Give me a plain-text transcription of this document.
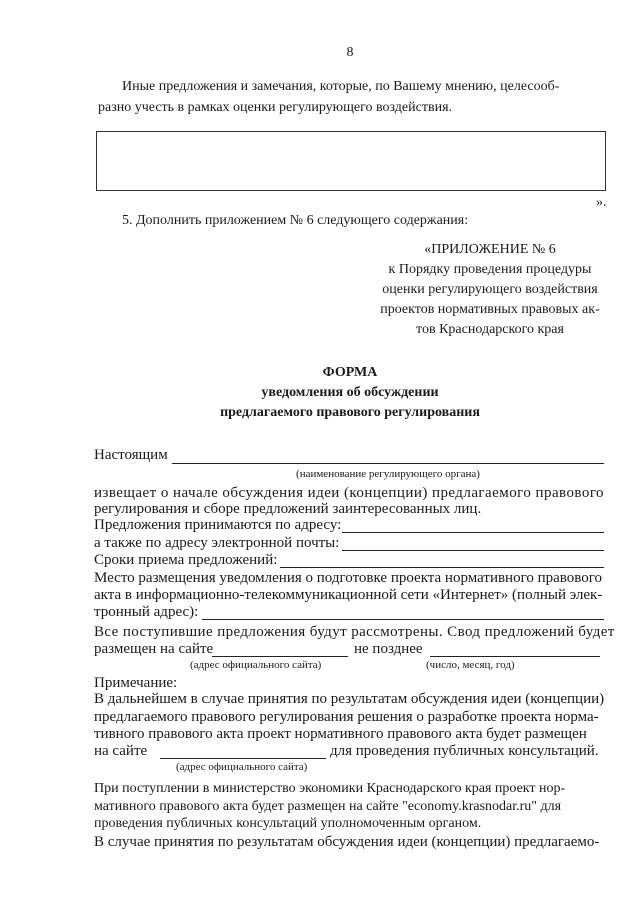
8
Иные предложения и замечания, которые, по Вашему мнению, целесооб-
разно учесть в рамках оценки регулирующего воздействия.
».
5. Дополнить приложением № 6 следующего содержания:
«ПРИЛОЖЕНИЕ № 6
к Порядку проведения процедуры
оценки регулирующего воздействия
проектов нормативных правовых ак-
тов Краснодарского края
ФОРМА
уведомления об обсуждении
предлагаемого правового регулирования
Настоящим
(наименование регулирующего органа)
извещает о начале обсуждения идеи (концепции) предлагаемого правового
регулирования и сборе предложений заинтересованных лиц.
Предложения принимаются по адресу:
а также по адресу электронной почты:
Сроки приема предложений:
Место размещения уведомления о подготовке проекта нормативного правового
акта в информационно-телекоммуникационной сети «Интернет» (полный элек-
тронный адрес):
Все поступившие предложения будут рассмотрены. Свод предложений будет
размещен на сайте	не позднее
(адрес официального сайта)	(число, месяц, год)
Примечание:
В дальнейшем в случае принятия по результатам обсуждения идеи (концепции)
предлагаемого правового регулирования решения о разработке проекта норма-
тивного правового акта проект нормативного правового акта будет размещен
на сайте	для проведения публичных консультаций.
(адрес официального сайта)
При поступлении в министерство экономики Краснодарского края проект нор-
мативного правового акта будет размещен на сайте "economy.krasnodar.ru" для
проведения публичных консультаций уполномоченным органом.
В случае принятия по результатам обсуждения идеи (концепции) предлагаемо-
